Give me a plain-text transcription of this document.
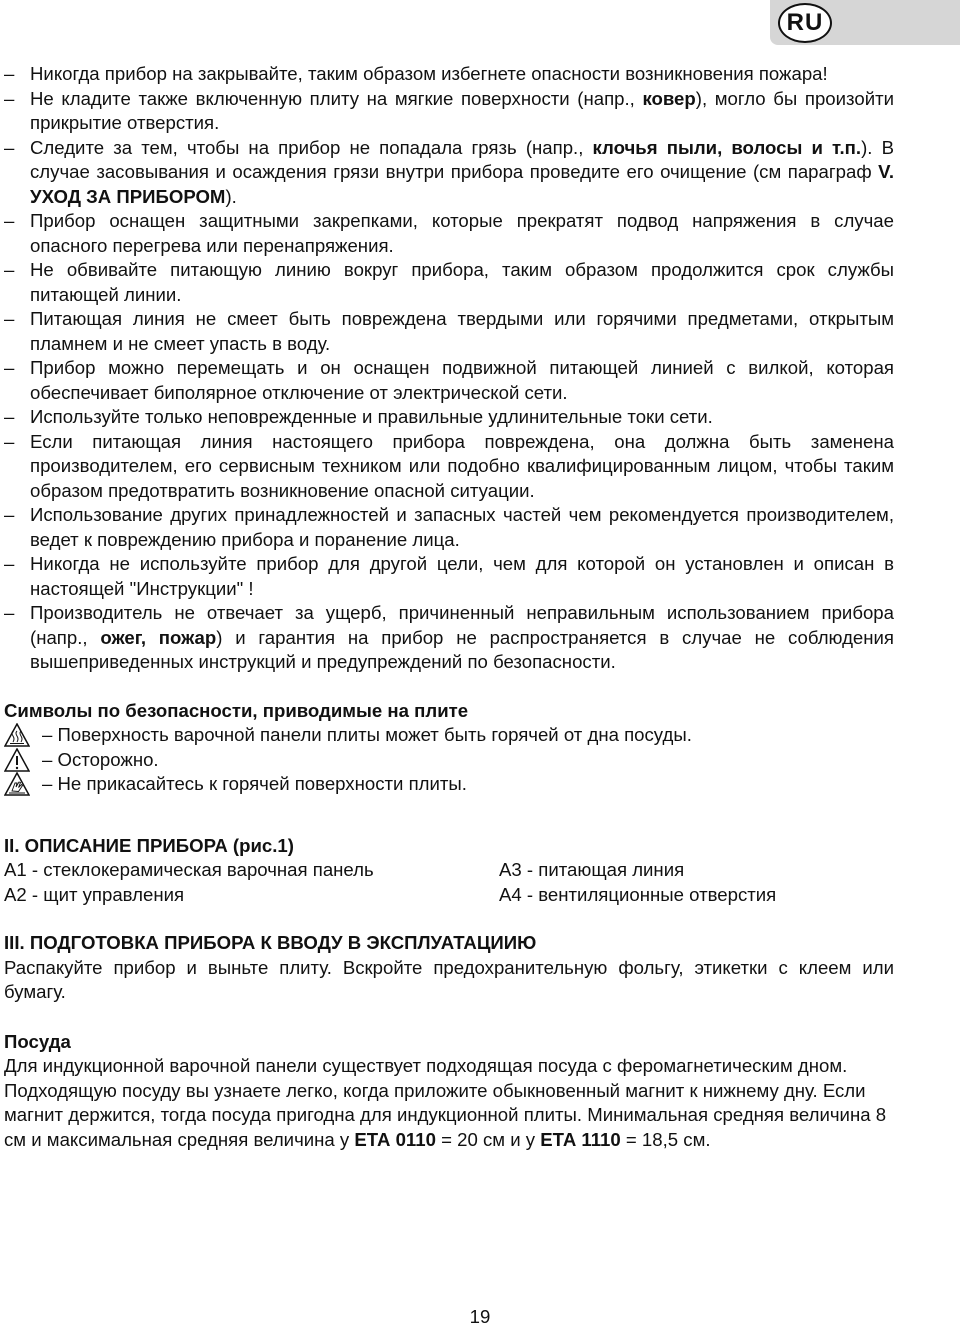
RU
– Никогда прибор на закрывайте, таким образом избегнете опасности возникновения пожара!
– Не кладите также включенную плиту на мягкие поверхности (напр., ковер), могло бы произойти прикрытие отверстия.
– Следите за тем, чтобы на прибор не попадала грязь (напр., клочья пыли, волосы и т.п.). В случае засовывания и осаждения грязи внутри прибора проведите его очищение (см параграф V. УХОД ЗА ПРИБОРОМ).
– Прибор оснащен защитными закрепками, которые прекратят подвод напряжения в случае опасного перегрева или перенапряжения.
– Не обвивайте питающую линию вокруг прибора, таким образом продолжится срок службы питающей линии.
– Питающая линия не смеет быть повреждена твердыми или горячими предметами, открытым пламнем и не смеет упасть в воду.
– Прибор можно перемещать и он оснащен подвижной питающей линией с вилкой, которая обеспечивает биполярное отключение от электрической сети.
– Используйте только неповрежденные и правильные удлинительные токи сети.
– Если питающая линия настоящего прибора повреждена, она должна быть заменена производителем, его сервисным техником или подобно квалифицированным лицом, чтобы таким образом предотвратить возникновение опасной ситуации.
– Использование других принадлежностей и запасных частей чем рекомендуется производителем, ведет к повреждению прибора и поранение лица.
– Никогда не используйте прибор для другой цели, чем для которой он установлен и описан в настоящей "Инструкции" !
– Производитель не отвечает за ущерб, причиненный неправильным использованием прибора (напр., ожег, пожар) и гарантия на прибор не распространяется в случае не соблюдения вышеприведенных инструкций и предупреждений по безопасности.

Символы по безопасности, приводимые на плите

– Поверхность варочной панели плиты может быть горячей от дна посуды.
– Осторожно.
– Не прикасайтесь к горячей поверхности плиты.

II. ОПИСАНИЕ ПРИБОРА (рис.1)

А1 - стеклокерамическая варочная панель	А3 - питающая линия
А2 - щит управления	А4 - вентиляционные отверстия

III. ПОДГОТОВКА ПРИБОРА К ВВОДУ В ЭКСПЛУАТАЦИИЮ

Распакуйте прибор и выньте плиту. Вскройте предохранительную фольгу, этикетки с клеем или бумагу.

Посуда

Для индукционной варочной панели существует подходящая посуда с феромагнетическим дном. Подходящую посуду вы узнаете легко, когда приложите обыкновенный магнит к нижнему дну. Если магнит держится, тогда посуда пригодна для индукционной плиты. Минимальная средняя величина 8 см и максимальная средняя величина у ЕТА 0110 = 20 см и у ЕТА 1110 = 18,5 см.

19
